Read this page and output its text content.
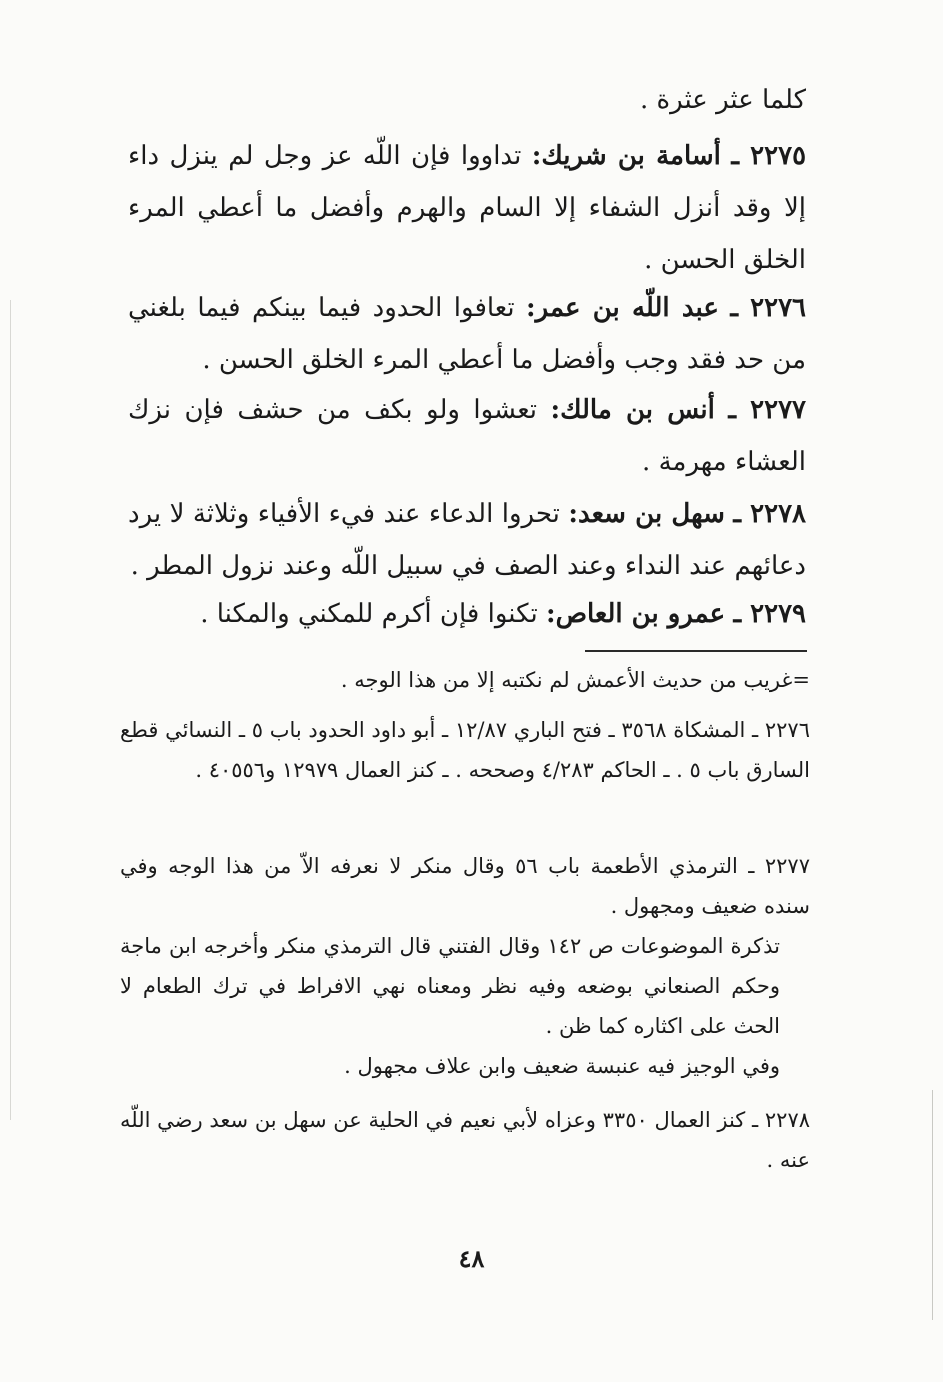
كلما عثر عثرة .

٢٢٧٥ ـ أسامة بن شريك: تداووا فإن اللّه عز وجل لم ينزل داء إلا وقد أنزل الشفاء إلا السام والهرم وأفضل ما أعطي المرء الخلق الحسن .

٢٢٧٦ ـ عبد اللّه بن عمر: تعافوا الحدود فيما بينكم فيما بلغني من حد فقد وجب وأفضل ما أعطي المرء الخلق الحسن .

٢٢٧٧ ـ أنس بن مالك: تعشوا ولو بكف من حشف فإن نزك العشاء مهرمة .

٢٢٧٨ ـ سهل بن سعد: تحروا الدعاء عند فيء الأفياء وثلاثة لا يرد دعائهم عند النداء وعند الصف في سبيل اللّه وعند نزول المطر .

٢٢٧٩ ـ عمرو بن العاص: تكنوا فإن أكرم للمكني والمكنا .

=غريب من حديث الأعمش لم نكتبه إلا من هذا الوجه .

٢٢٧٦ ـ المشكاة ٣٥٦٨ ـ فتح الباري ١٢/٨٧ ـ أبو داود الحدود باب ٥ ـ النسائي قطع السارق باب ٥ . ـ الحاكم ٤/٢٨٣ وصححه . ـ كنز العمال ١٢٩٧٩ و٤٠٥٥٦ .

٢٢٧٧ ـ الترمذي الأطعمة باب ٥٦ وقال منكر لا نعرفه الاّ من هذا الوجه وفي سنده ضعيف ومجهول .

تذكرة الموضوعات ص ١٤٢ وقال الفتني قال الترمذي منكر وأخرجه ابن ماجة وحكم الصنعاني بوضعه وفيه نظر ومعناه نهي الافراط في ترك الطعام لا الحث على اكثاره كما ظن .

وفي الوجيز فيه عنبسة ضعيف وابن علاف مجهول .

٢٢٧٨ ـ كنز العمال ٣٣٥٠ وعزاه لأبي نعيم في الحلية عن سهل بن سعد رضي اللّه عنه .

٤٨
